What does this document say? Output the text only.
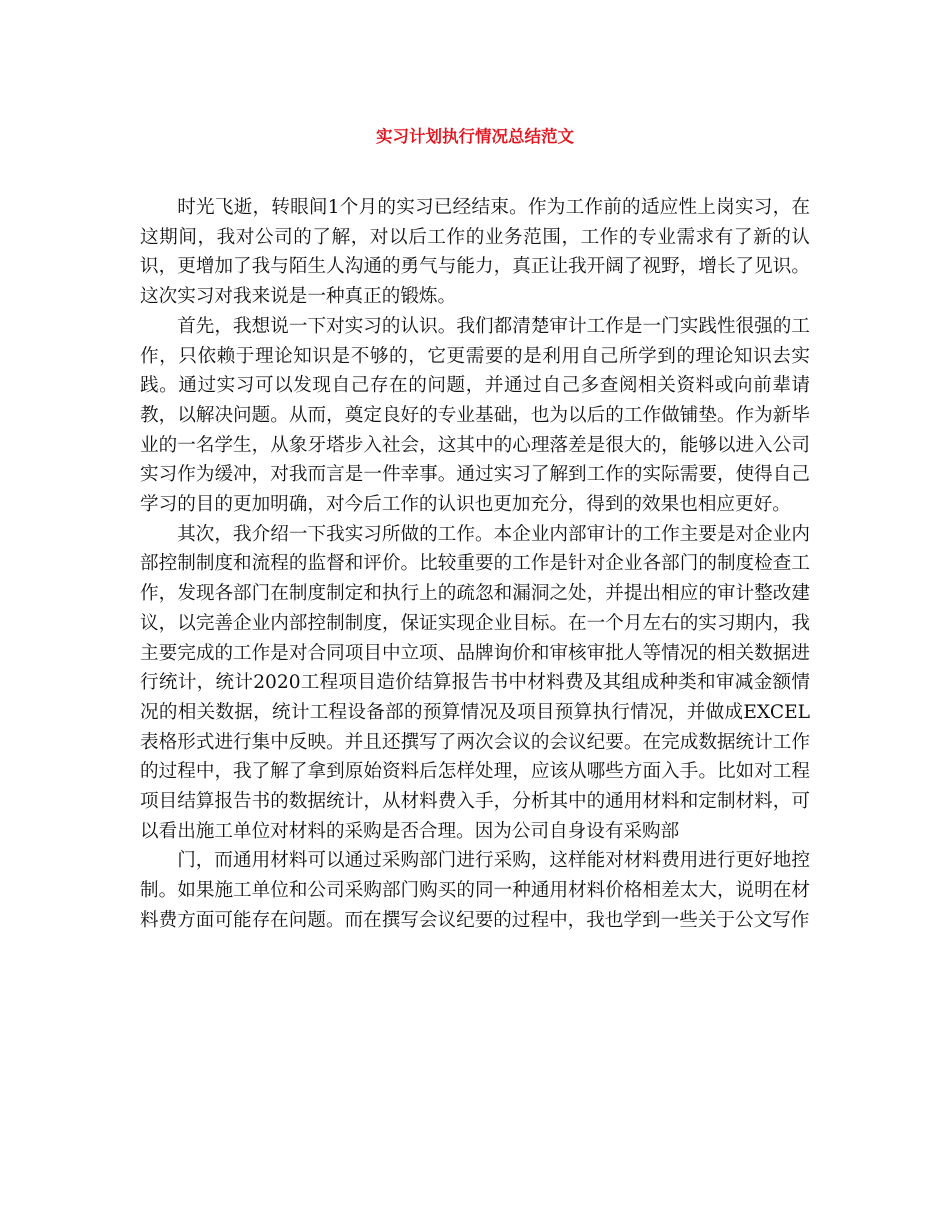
实习计划执行情况总结范文

时光飞逝，转眼间1个月的实习已经结束。作为工作前的适应性上岗实习，在这期间，我对公司的了解，对以后工作的业务范围，工作的专业需求有了新的认识，更增加了我与陌生人沟通的勇气与能力，真正让我开阔了视野，增长了见识。这次实习对我来说是一种真正的锻炼。

首先，我想说一下对实习的认识。我们都清楚审计工作是一门实践性很强的工作，只依赖于理论知识是不够的，它更需要的是利用自己所学到的理论知识去实践。通过实习可以发现自己存在的问题，并通过自己多查阅相关资料或向前辈请教，以解决问题。从而，奠定良好的专业基础，也为以后的工作做铺垫。作为新毕业的一名学生，从象牙塔步入社会，这其中的心理落差是很大的，能够以进入公司实习作为缓冲，对我而言是一件幸事。通过实习了解到工作的实际需要，使得自己学习的目的更加明确，对今后工作的认识也更加充分，得到的效果也相应更好。

其次，我介绍一下我实习所做的工作。本企业内部审计的工作主要是对企业内部控制制度和流程的监督和评价。比较重要的工作是针对企业各部门的制度检查工作，发现各部门在制度制定和执行上的疏忽和漏洞之处，并提出相应的审计整改建议，以完善企业内部控制制度，保证实现企业目标。在一个月左右的实习期内，我主要完成的工作是对合同项目中立项、品牌询价和审核审批人等情况的相关数据进行统计，统计2020工程项目造价结算报告书中材料费及其组成种类和审减金额情况的相关数据，统计工程设备部的预算情况及项目预算执行情况，并做成EXCEL表格形式进行集中反映。并且还撰写了两次会议的会议纪要。在完成数据统计工作的过程中，我了解了拿到原始资料后怎样处理，应该从哪些方面入手。比如对工程项目结算报告书的数据统计，从材料费入手，分析其中的通用材料和定制材料，可以看出施工单位对材料的采购是否合理。因为公司自身设有采购部

门，而通用材料可以通过采购部门进行采购，这样能对材料费用进行更好地控制。如果施工单位和公司采购部门购买的同一种通用材料价格相差太大，说明在材料费方面可能存在问题。而在撰写会议纪要的过程中，我也学到一些关于公文写作
